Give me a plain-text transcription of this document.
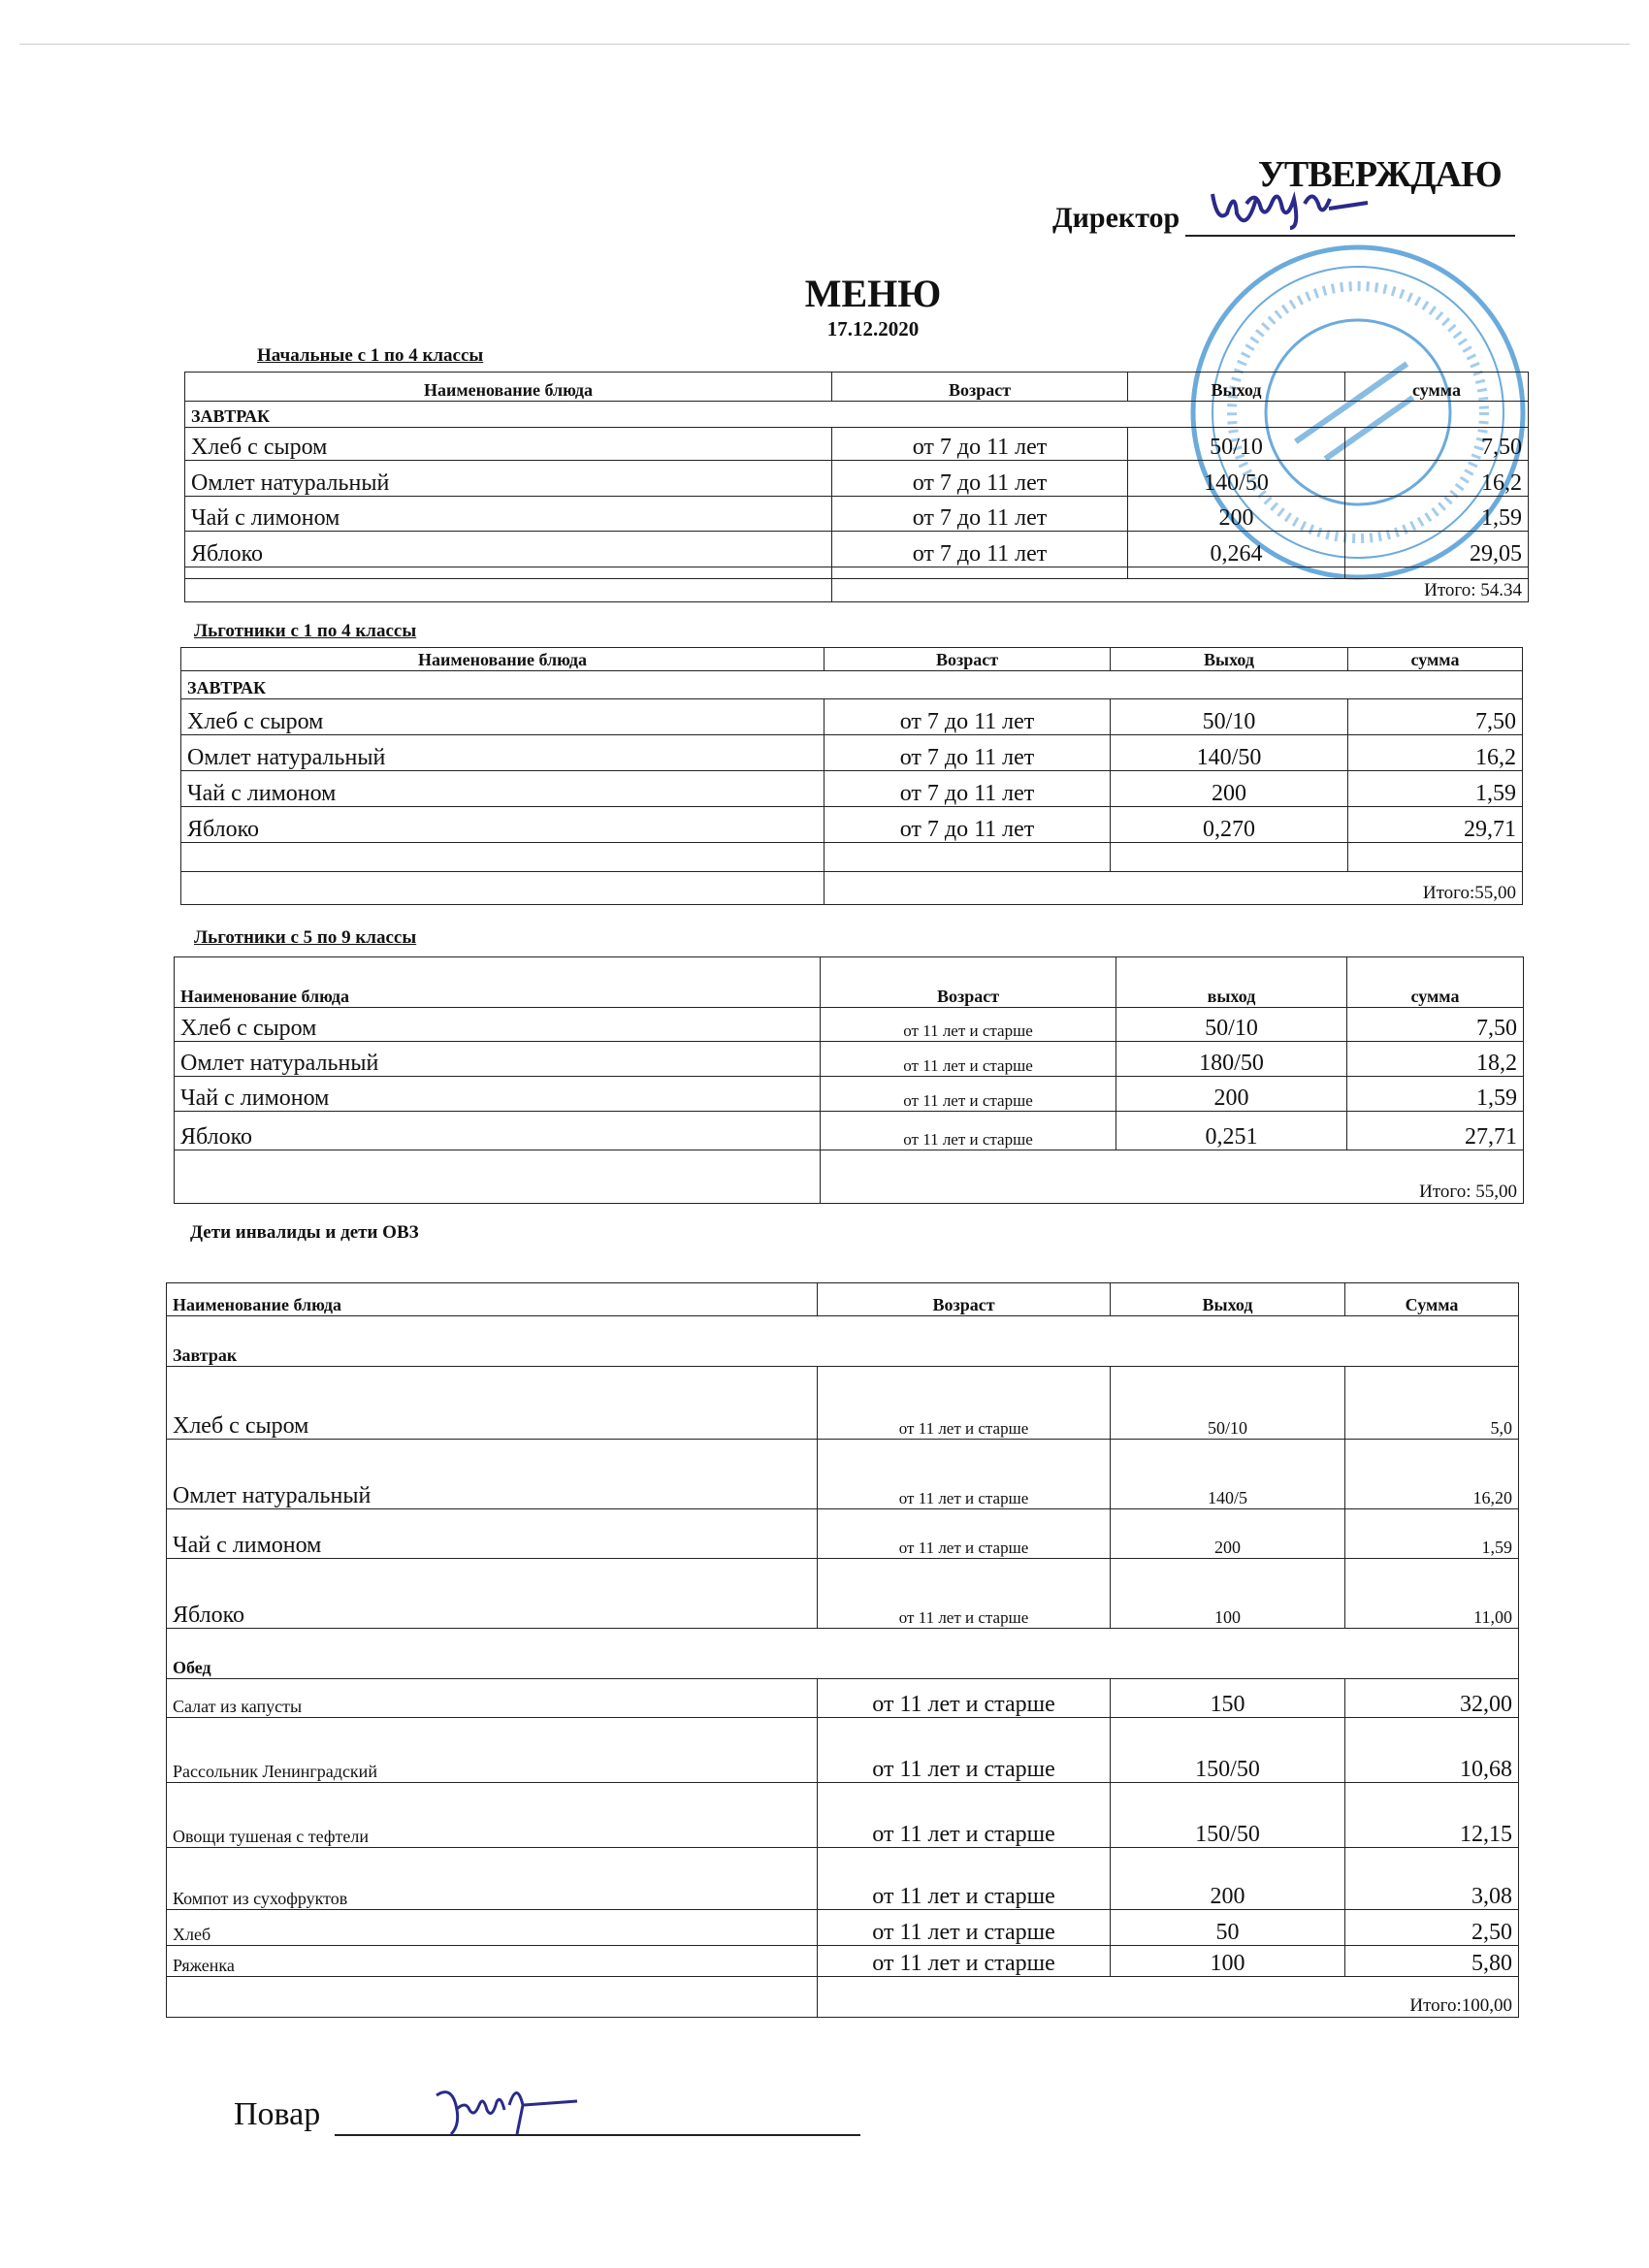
УТВЕРЖДАЮ
Директор
МЕНЮ
17.12.2020
Начальные с 1 по 4 классы
Наименование блюда	Возраст	Выход	сумма
ЗАВТРАК			
Хлеб с сыром	от 7 до 11 лет	50/10	7,50
Омлет натуральный	от 7 до 11 лет	140/50	16,2
Чай с лимоном	от 7 до 11 лет	200	1,59
Яблоко	от 7 до 11 лет	0,264	29,05

	Итого: 54.34		
Льготники с 1 по 4 классы
Наименование блюда	Возраст	Выход	сумма
ЗАВТРАК			
Хлеб с сыром	от 7 до 11 лет	50/10	7,50
Омлет натуральный	от 7 до 11 лет	140/50	16,2
Чай с лимоном	от 7 до 11 лет	200	1,59
Яблоко	от 7 до 11 лет	0,270	29,71

	Итого:55,00		
Льготники с 5 по 9 классы
Наименование блюда	Возраст	выход	сумма
Хлеб с сыром	от 11 лет и старше	50/10	7,50
Омлет натуральный	от 11 лет и старше	180/50	18,2
Чай с лимоном	от 11 лет и старше	200	1,59
Яблоко	от 11 лет и старше	0,251	27,71
	Итого: 55,00		
Дети инвалиды и дети ОВЗ
Наименование блюда	Возраст	Выход	Сумма
Завтрак			
Хлеб с сыром	от 11 лет и старше	50/10	5,0
Омлет натуральный	от 11 лет и старше	140/5	16,20
Чай с лимоном	от 11 лет и старше	200	1,59
Яблоко	от 11 лет и старше	100	11,00
Обед			
Салат из капусты	от 11 лет и старше	150	32,00
Рассольник Ленинградский	от 11 лет и старше	150/50	10,68
Овощи тушеная с тефтели	от 11 лет и старше	150/50	12,15
Компот из сухофруктов	от 11 лет и старше	200	3,08
Хлеб	от 11 лет и старше	50	2,50
Ряженка	от 11 лет и старше	100	5,80
	Итого:100,00		
Повар
